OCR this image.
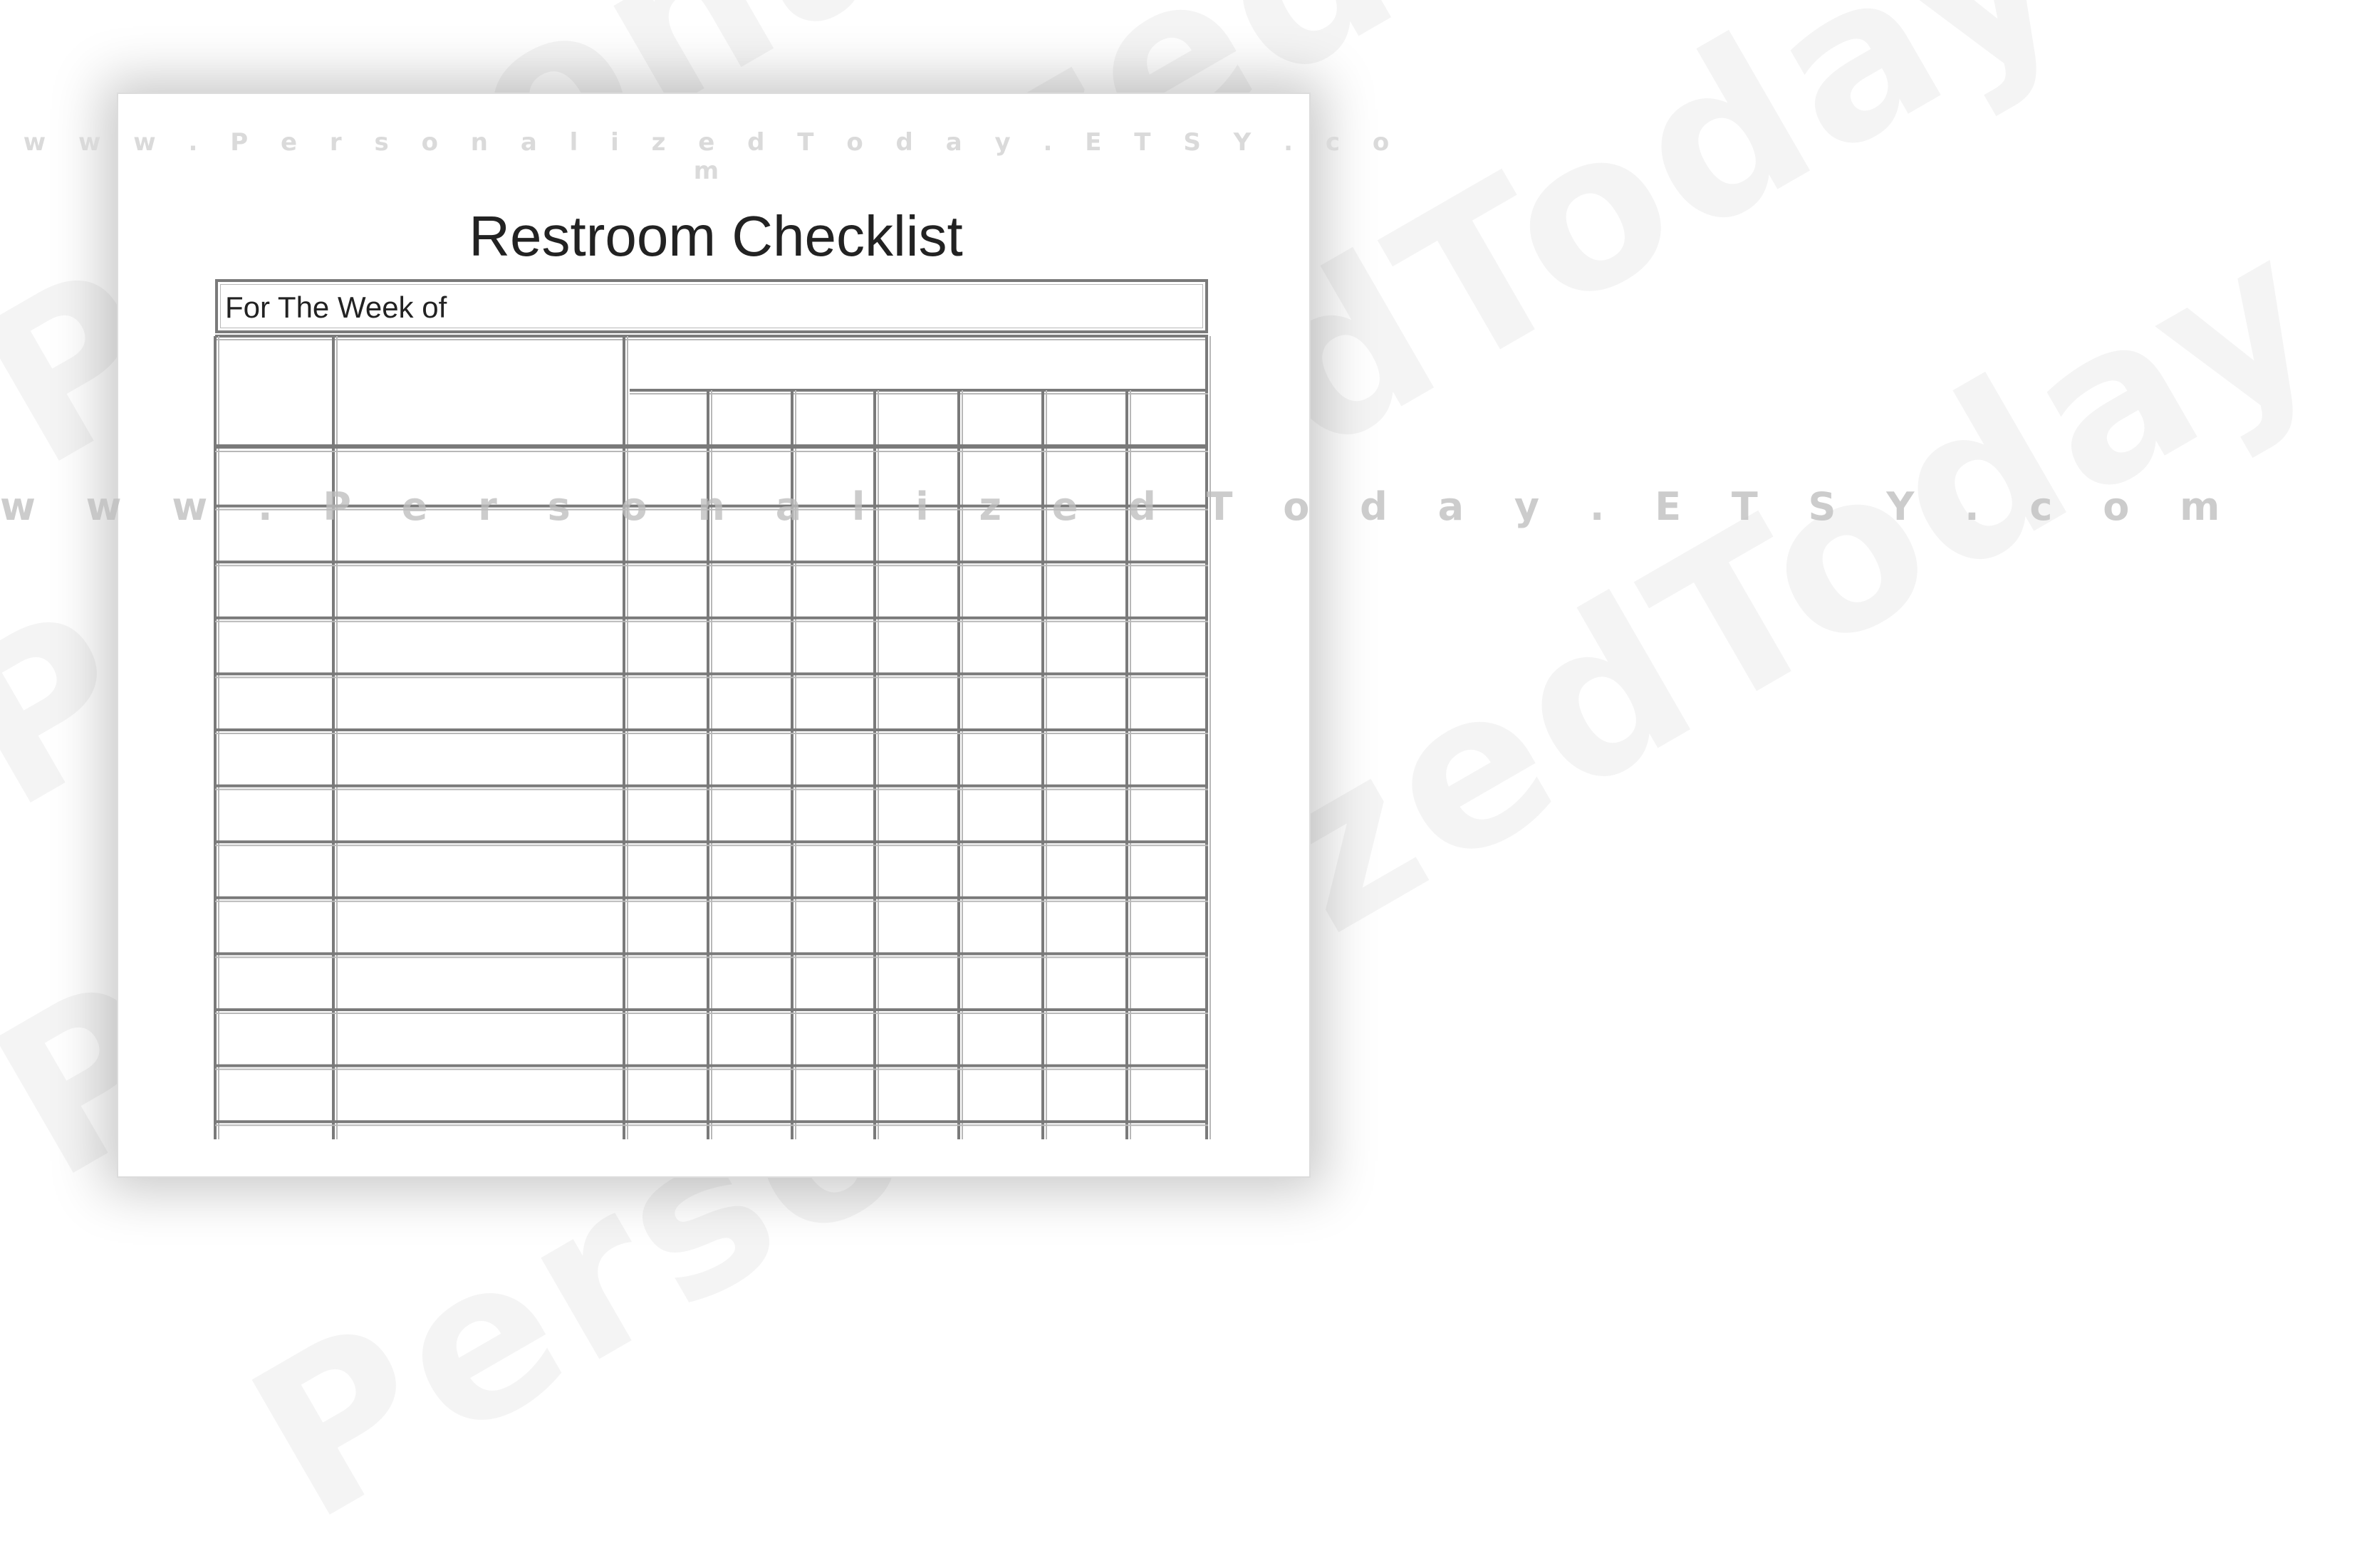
w w w . P e r s o n a l i z e d T o d a y . E T S Y . c o m
Restroom Checklist
For The Week of
w w w . P e r s o n a l i z e d T o d a y . E T S Y . c o m
